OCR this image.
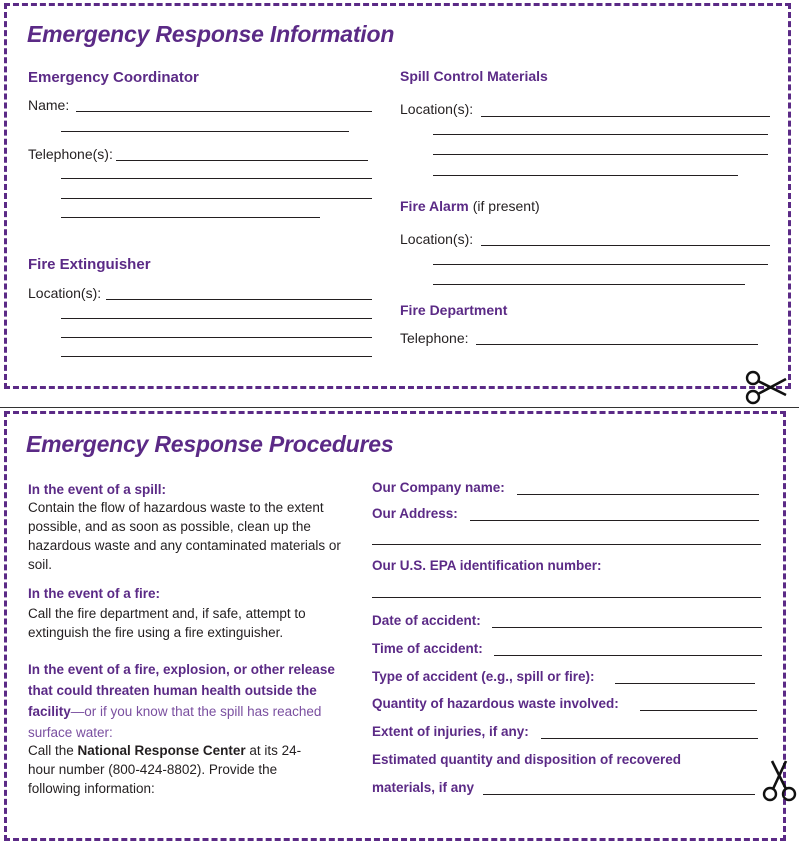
Emergency Response Information
Emergency Coordinator
Name:
Telephone(s):
Fire Extinguisher
Location(s):
Spill Control Materials
Location(s):
Fire Alarm (if present)
Location(s):
Fire Department
Telephone:
Emergency Response Procedures
In the event of a spill:
Contain the flow of hazardous waste to the extent possible, and as soon as possible, clean up the hazardous waste and any contaminated materials or soil.
In the event of a fire:
Call the fire department and, if safe, attempt to extinguish the fire using a fire extinguisher.
In the event of a fire, explosion, or other release that could threaten human health outside the facility—or if you know that the spill has reached surface water:
Call the National Response Center at its 24-hour number (800-424-8802). Provide the following information:
Our Company name:
Our Address:
Our U.S. EPA identification number:
Date of accident:
Time of accident:
Type of accident (e.g., spill or fire):
Quantity of hazardous waste involved:
Extent of injuries, if any:
Estimated quantity and disposition of recovered
materials, if any
